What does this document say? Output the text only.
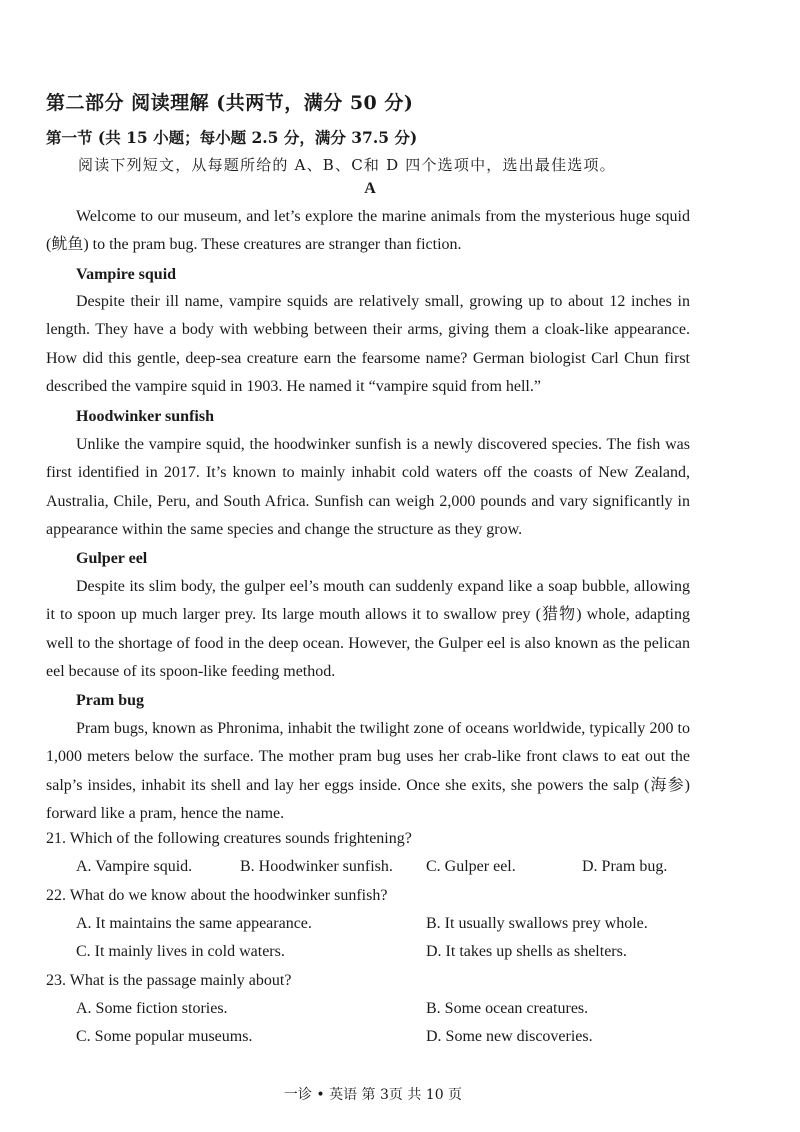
第二部分 阅读理解 (共两节，满分 50 分)
第一节 (共 15 小题；每小题 2.5 分，满分 37.5 分)
阅读下列短文，从每题所给的 A、B、C和 D 四个选项中，选出最佳选项。
A

Welcome to our museum, and let’s explore the marine animals from the mysterious huge squid (鱿鱼) to the pram bug. These creatures are stranger than fiction.

Vampire squid

Despite their ill name, vampire squids are relatively small, growing up to about 12 inches in length. They have a body with webbing between their arms, giving them a cloak-like appearance. How did this gentle, deep-sea creature earn the fearsome name? German biologist Carl Chun first described the vampire squid in 1903. He named it “vampire squid from hell.”

Hoodwinker sunfish

Unlike the vampire squid, the hoodwinker sunfish is a newly discovered species. The fish was first identified in 2017. It’s known to mainly inhabit cold waters off the coasts of New Zealand, Australia, Chile, Peru, and South Africa. Sunfish can weigh 2,000 pounds and vary significantly in appearance within the same species and change the structure as they grow.

Gulper eel

Despite its slim body, the gulper eel’s mouth can suddenly expand like a soap bubble, allowing it to spoon up much larger prey. Its large mouth allows it to swallow prey (猎物) whole, adapting well to the shortage of food in the deep ocean. However, the Gulper eel is also known as the pelican eel because of its spoon-like feeding method.

Pram bug

Pram bugs, known as Phronima, inhabit the twilight zone of oceans worldwide, typically 200 to 1,000 meters below the surface. The mother pram bug uses her crab-like front claws to eat out the salp’s insides, inhabit its shell and lay her eggs inside. Once she exits, she powers the salp (海参) forward like a pram, hence the name.

21. Which of the following creatures sounds frightening?
A. Vampire squid.	B. Hoodwinker sunfish. C. Gulper eel.	D. Pram bug.
22. What do we know about the hoodwinker sunfish?
A. It maintains the same appearance.	B. It usually swallows prey whole.
C. It mainly lives in cold waters.	D. It takes up shells as shelters.
23. What is the passage mainly about?
A. Some fiction stories.	B. Some ocean creatures.
C. Some popular museums.	D. Some new discoveries.
一诊 • 英语 第 3页 共 10 页
